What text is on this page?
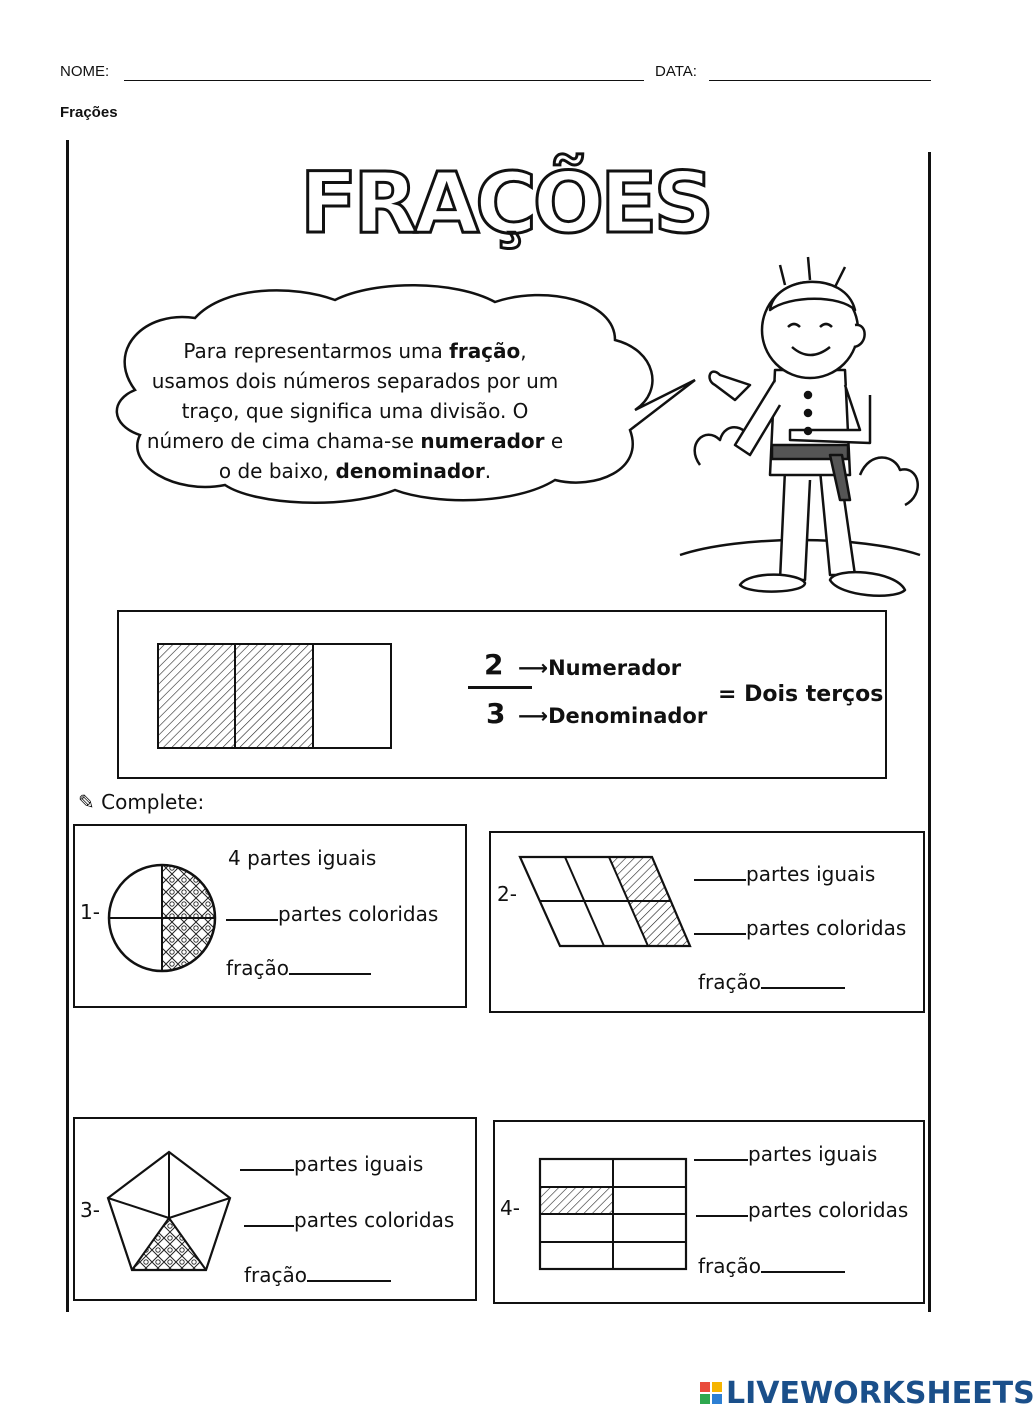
NOME:	DATA:
Frações
FRAÇÕES
Para representarmos uma fração,
usamos dois números separados por um
traço, que significa uma divisão. O
número de cima chama-se numerador e
o de baixo, denominador.
2
3
⟶Numerador
⟶Denominador
= Dois terços
✎ Complete:
1-
4 partes iguais
partes coloridas
fração
2-
partes iguais
partes coloridas
fração
3-
partes iguais
partes coloridas
fração
4-
partes iguais
partes coloridas
fração
LIVEWORKSHEETS
